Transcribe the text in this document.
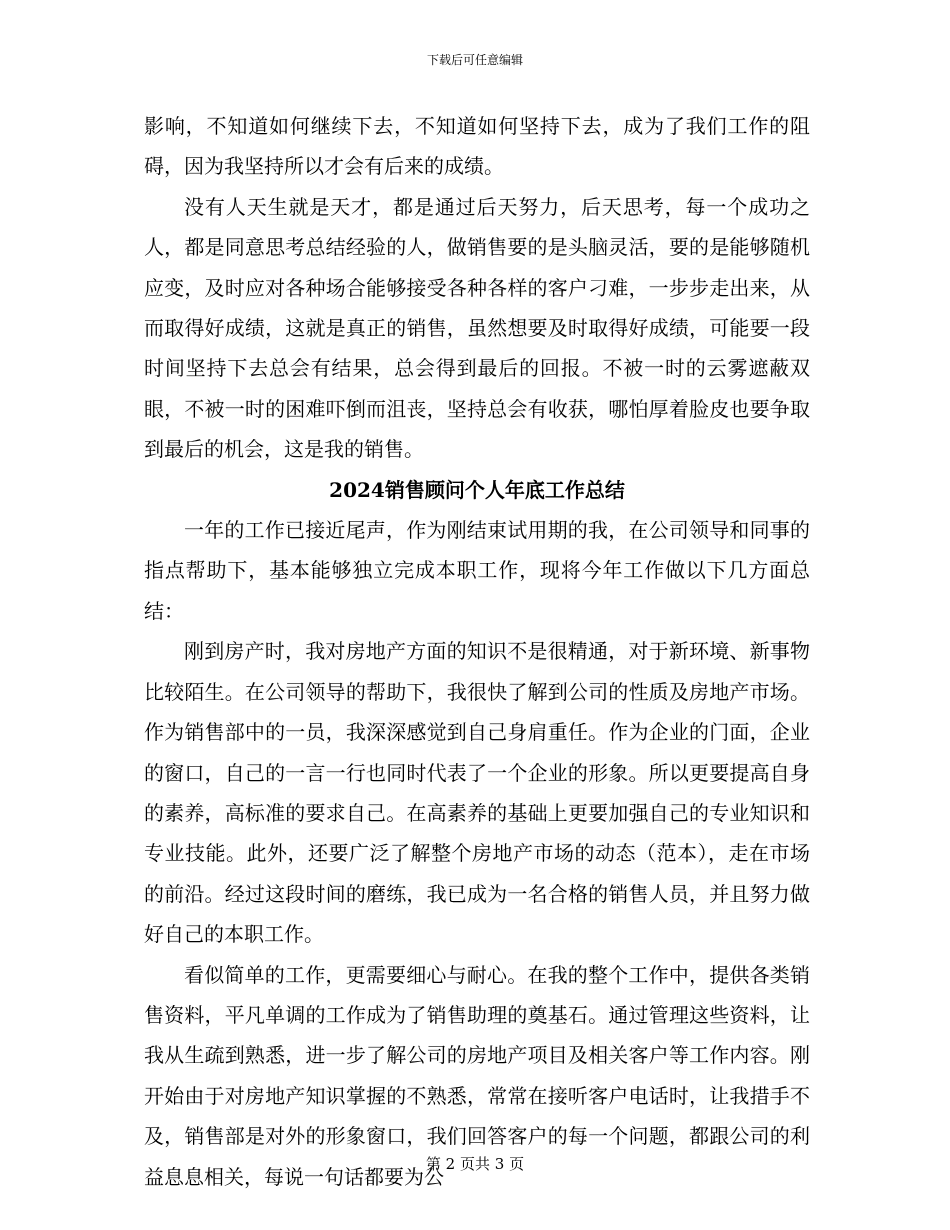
下载后可任意编辑

影响，不知道如何继续下去，不知道如何坚持下去，成为了我们工作的阻碍，因为我坚持所以才会有后来的成绩。

没有人天生就是天才，都是通过后天努力，后天思考，每一个成功之人，都是同意思考总结经验的人，做销售要的是头脑灵活，要的是能够随机应变，及时应对各种场合能够接受各种各样的客户刁难，一步步走出来，从而取得好成绩，这就是真正的销售，虽然想要及时取得好成绩，可能要一段时间坚持下去总会有结果，总会得到最后的回报。不被一时的云雾遮蔽双眼，不被一时的困难吓倒而沮丧，坚持总会有收获，哪怕厚着脸皮也要争取到最后的机会，这是我的销售。

2024销售顾问个人年底工作总结

一年的工作已接近尾声，作为刚结束试用期的我，在公司领导和同事的指点帮助下，基本能够独立完成本职工作，现将今年工作做以下几方面总结：

刚到房产时，我对房地产方面的知识不是很精通，对于新环境、新事物比较陌生。在公司领导的帮助下，我很快了解到公司的性质及房地产市场。作为销售部中的一员，我深深感觉到自己身肩重任。作为企业的门面，企业的窗口，自己的一言一行也同时代表了一个企业的形象。所以更要提高自身的素养，高标准的要求自己。在高素养的基础上更要加强自己的专业知识和专业技能。此外，还要广泛了解整个房地产市场的动态（范本），走在市场的前沿。经过这段时间的磨练，我已成为一名合格的销售人员，并且努力做好自己的本职工作。

看似简单的工作，更需要细心与耐心。在我的整个工作中，提供各类销售资料，平凡单调的工作成为了销售助理的奠基石。通过管理这些资料，让我从生疏到熟悉，进一步了解公司的房地产项目及相关客户等工作内容。刚开始由于对房地产知识掌握的不熟悉，常常在接听客户电话时，让我措手不及，销售部是对外的形象窗口，我们回答客户的每一个问题，都跟公司的利益息息相关，每说一句话都要为公

第 2 页共 3 页
